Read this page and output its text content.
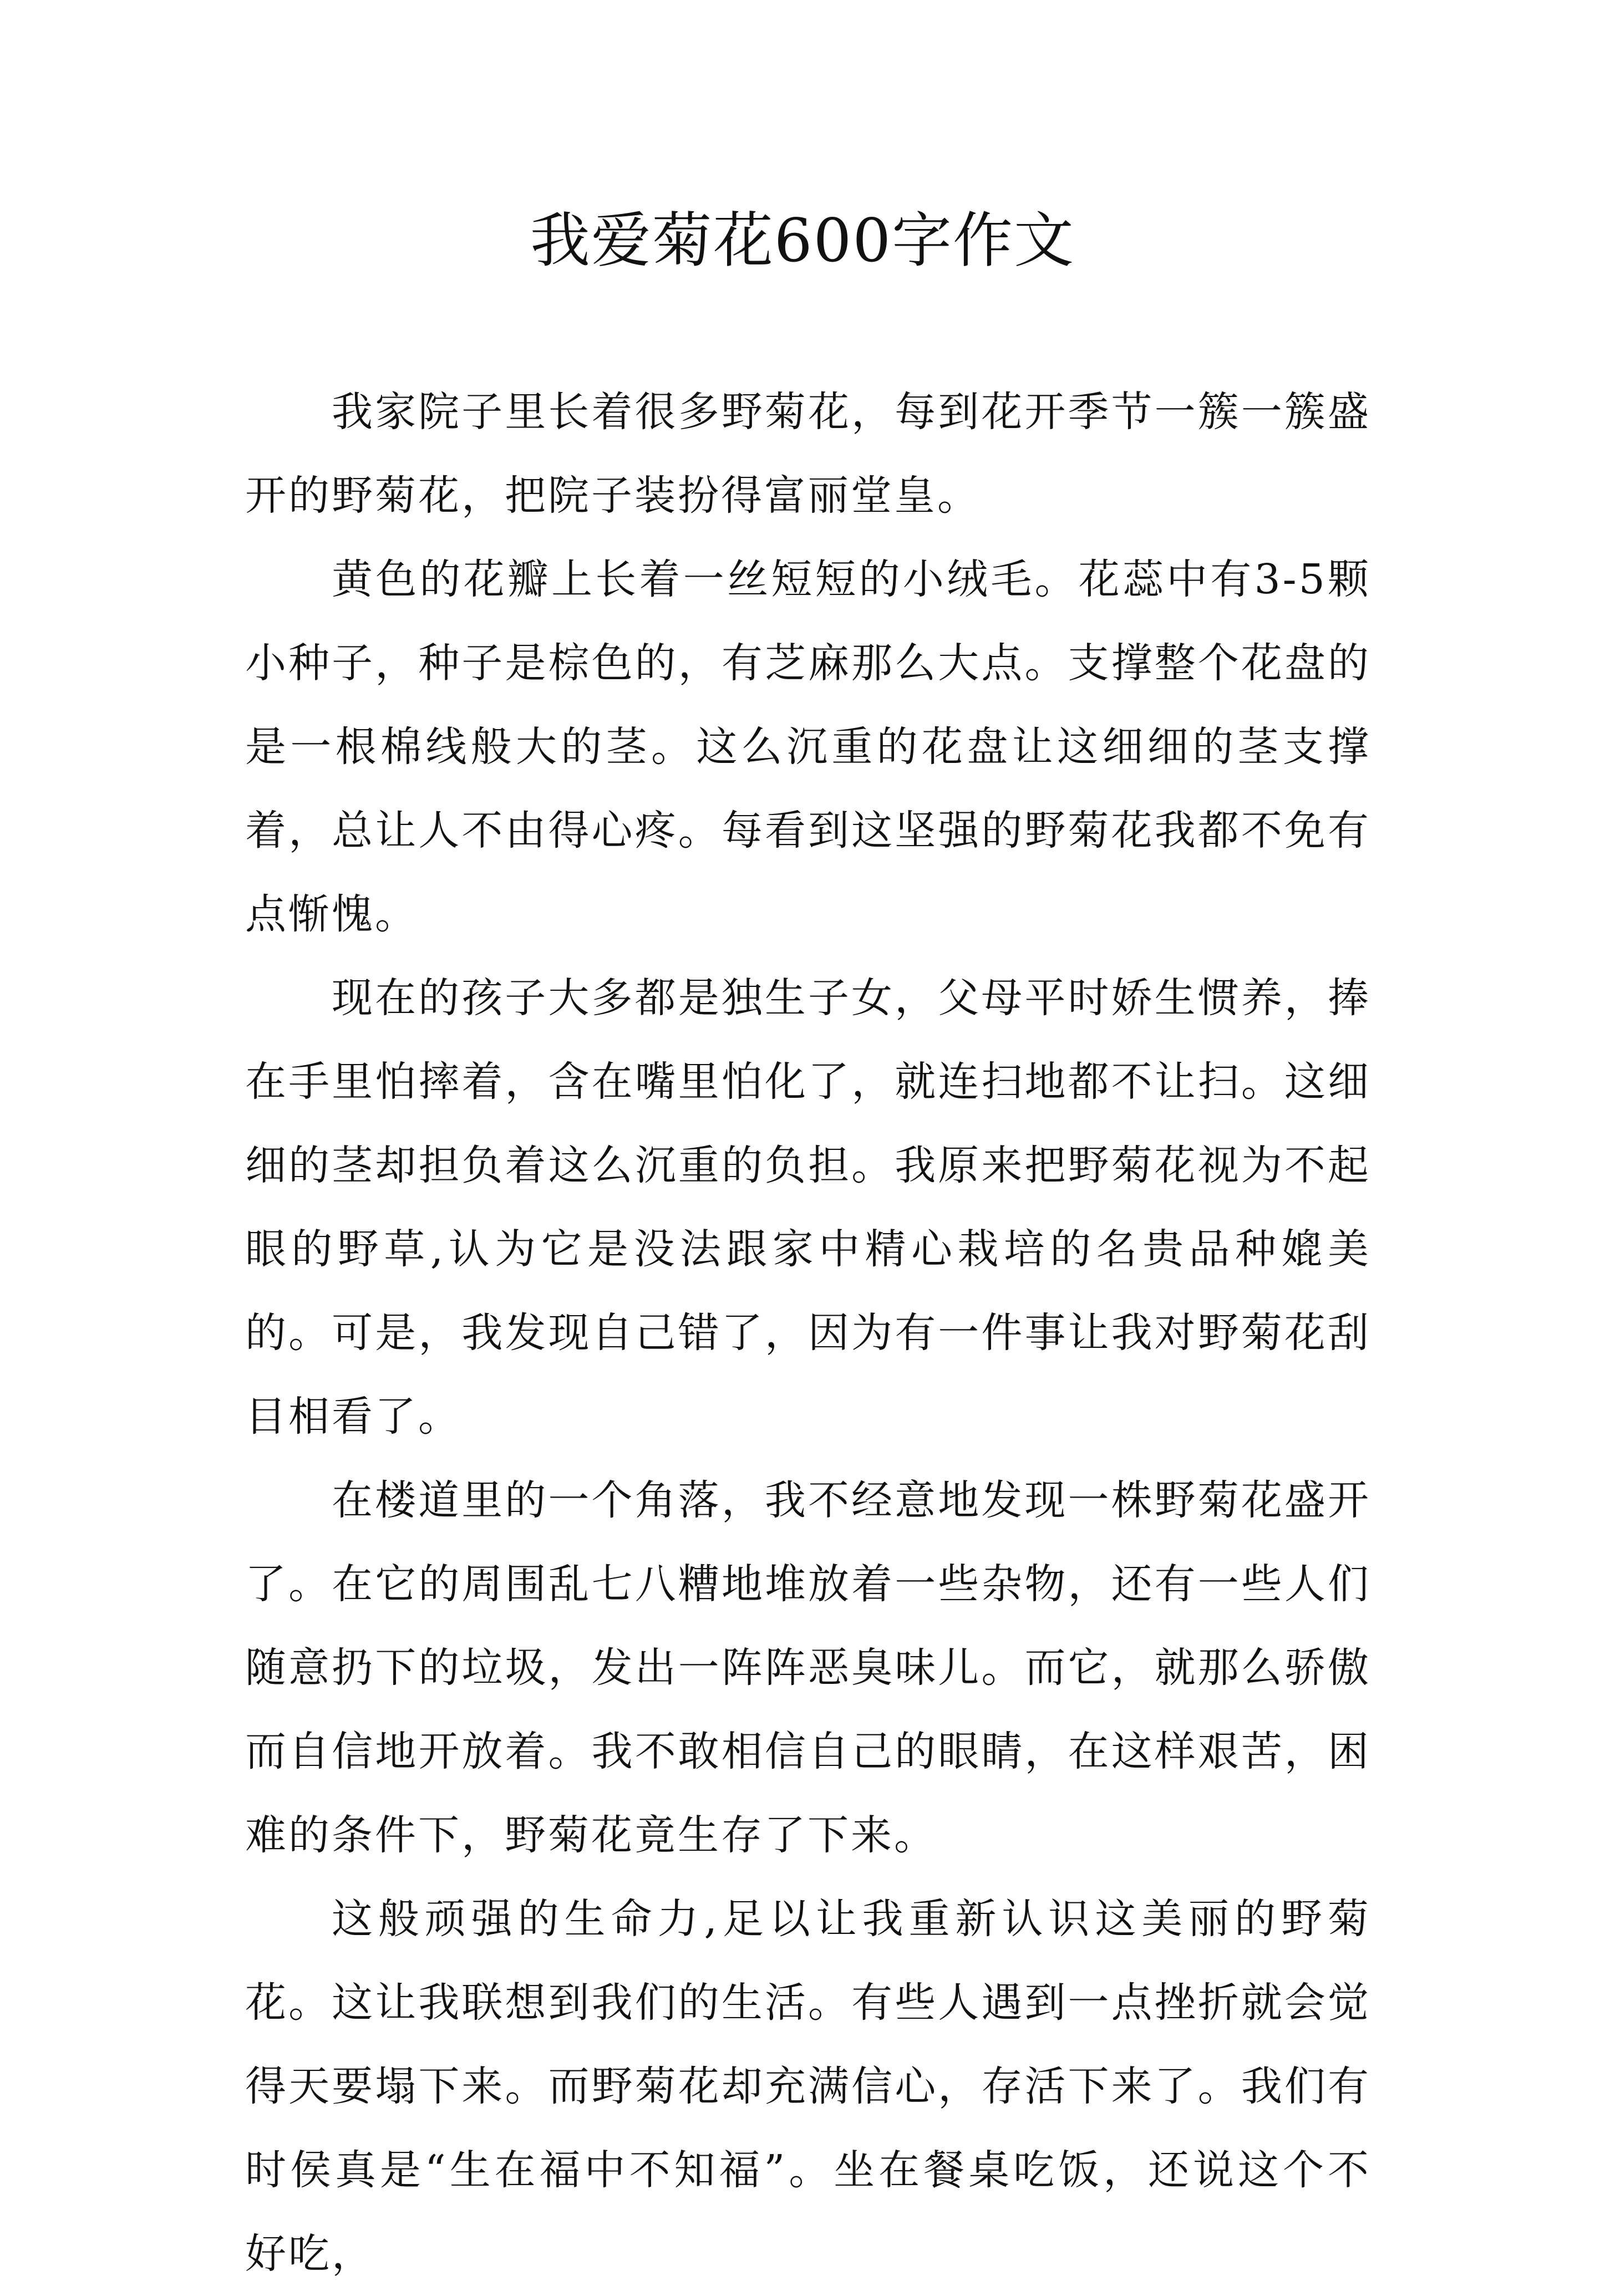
我爱菊花600字作文

我家院子里长着很多野菊花，每到花开季节一簇一簇盛开的野菊花，把院子装扮得富丽堂皇。

黄色的花瓣上长着一丝短短的小绒毛。花蕊中有3-5颗小种子，种子是棕色的，有芝麻那么大点。支撑整个花盘的是一根棉线般大的茎。这么沉重的花盘让这细细的茎支撑着，总让人不由得心疼。每看到这坚强的野菊花我都不免有点惭愧。

现在的孩子大多都是独生子女，父母平时娇生惯养，捧在手里怕摔着，含在嘴里怕化了，就连扫地都不让扫。这细细的茎却担负着这么沉重的负担。我原来把野菊花视为不起眼的野草,认为它是没法跟家中精心栽培的名贵品种媲美的。可是，我发现自己错了，因为有一件事让我对野菊花刮目相看了。

在楼道里的一个角落，我不经意地发现一株野菊花盛开了。在它的周围乱七八糟地堆放着一些杂物，还有一些人们随意扔下的垃圾，发出一阵阵恶臭味儿。而它，就那么骄傲而自信地开放着。我不敢相信自己的眼睛，在这样艰苦，困难的条件下，野菊花竟生存了下来。

这般顽强的生命力,足以让我重新认识这美丽的野菊花。这让我联想到我们的生活。有些人遇到一点挫折就会觉得天要塌下来。而野菊花却充满信心，存活下来了。我们有时侯真是“生在福中不知福”。坐在餐桌吃饭，还说这个不好吃，
